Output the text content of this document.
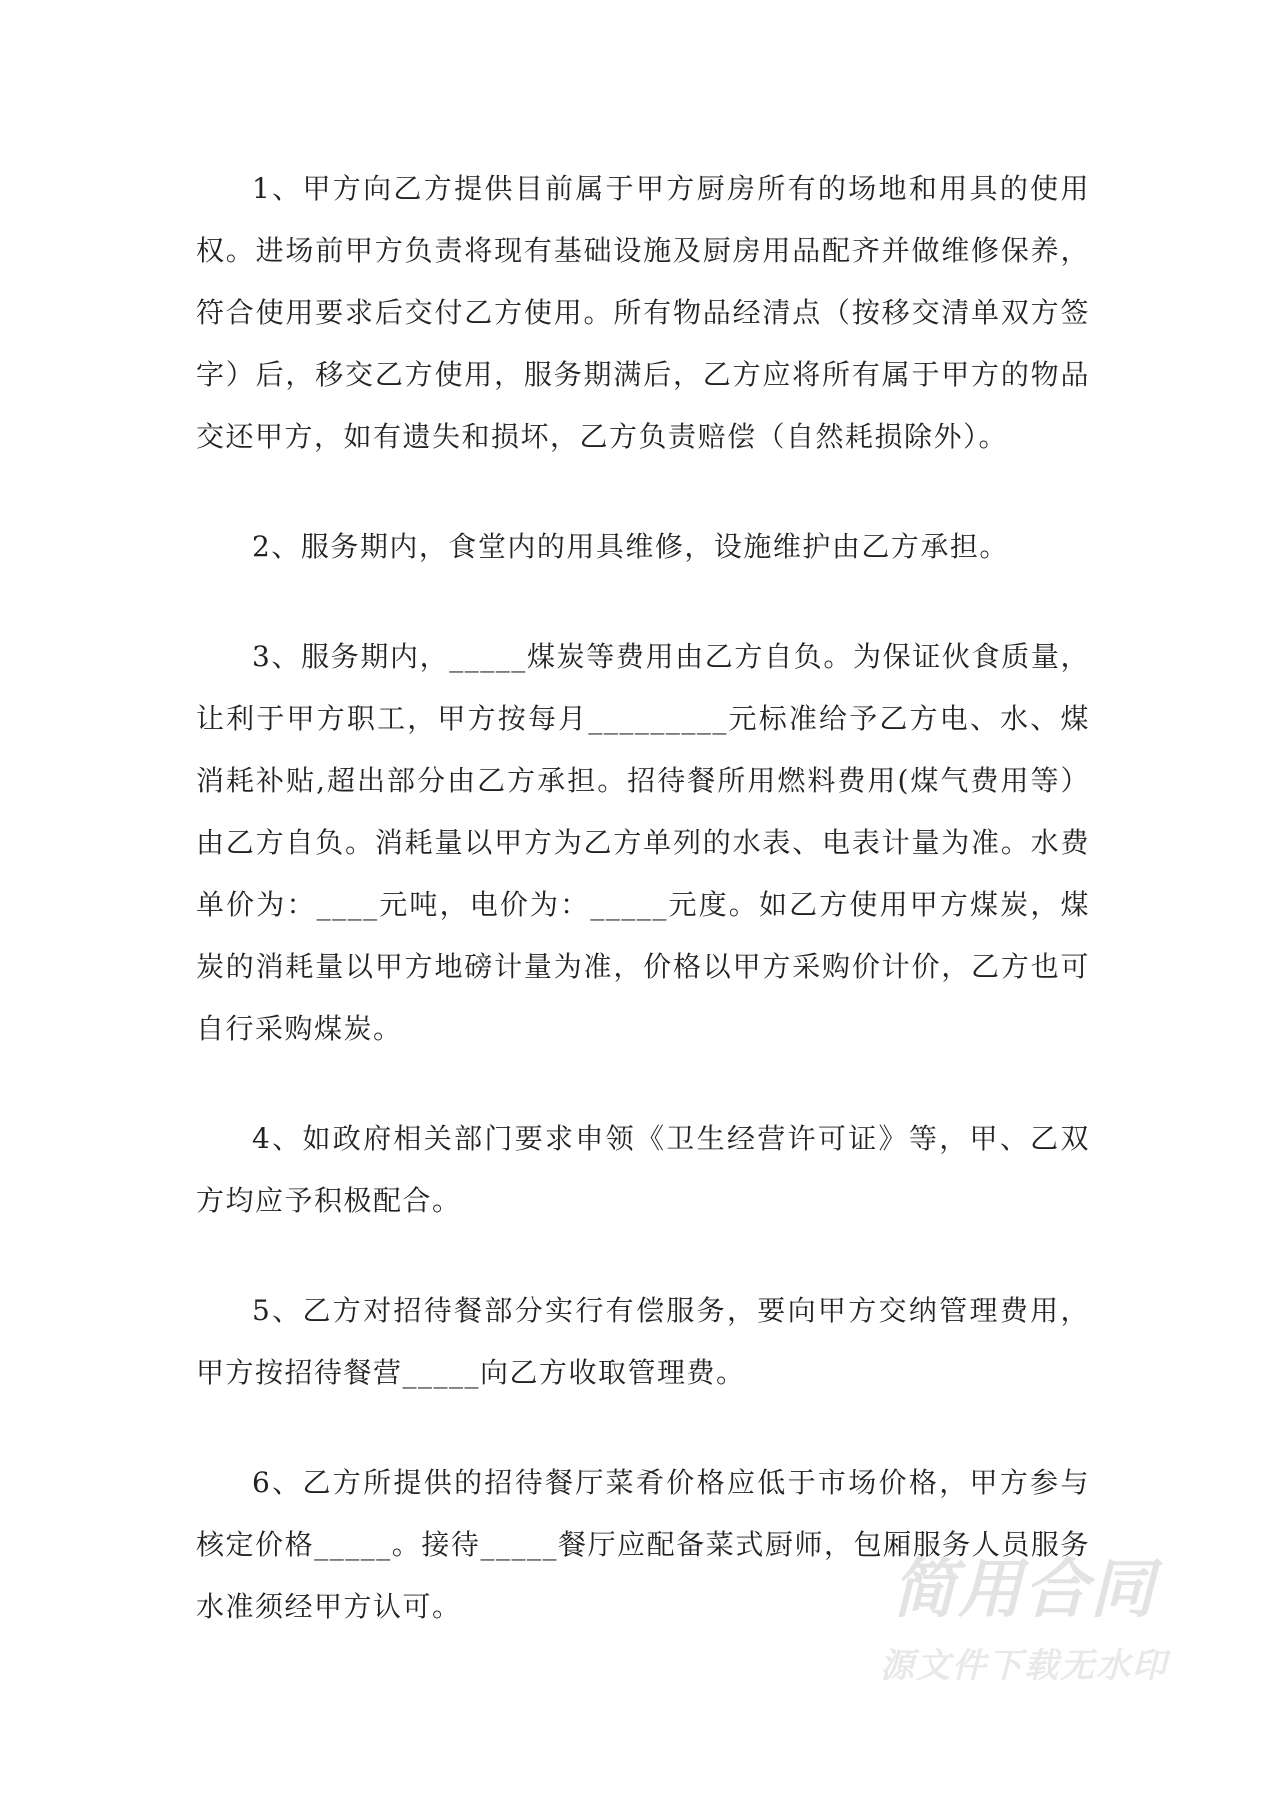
1、甲方向乙方提供目前属于甲方厨房所有的场地和用具的使用权。进场前甲方负责将现有基础设施及厨房用品配齐并做维修保养，符合使用要求后交付乙方使用。所有物品经清点（按移交清单双方签字）后，移交乙方使用，服务期满后，乙方应将所有属于甲方的物品交还甲方，如有遗失和损坏，乙方负责赔偿（自然耗损除外）。

2、服务期内，食堂内的用具维修，设施维护由乙方承担。

3、服务期内，_____煤炭等费用由乙方自负。为保证伙食质量，让利于甲方职工，甲方按每月_________元标准给予乙方电、水、煤消耗补贴,超出部分由乙方承担。招待餐所用燃料费用(煤气费用等）由乙方自负。消耗量以甲方为乙方单列的水表、电表计量为准。水费单价为：____元吨，电价为：_____元度。如乙方使用甲方煤炭，煤炭的消耗量以甲方地磅计量为准，价格以甲方采购价计价，乙方也可自行采购煤炭。

4、如政府相关部门要求申领《卫生经营许可证》等，甲、乙双方均应予积极配合。

5、乙方对招待餐部分实行有偿服务，要向甲方交纳管理费用，甲方按招待餐营_____向乙方收取管理费。

6、乙方所提供的招待餐厅菜肴价格应低于市场价格，甲方参与核定价格_____。接待_____餐厅应配备菜式厨师，包厢服务人员服务水准须经甲方认可。	简用合同
源文件下载无水印
